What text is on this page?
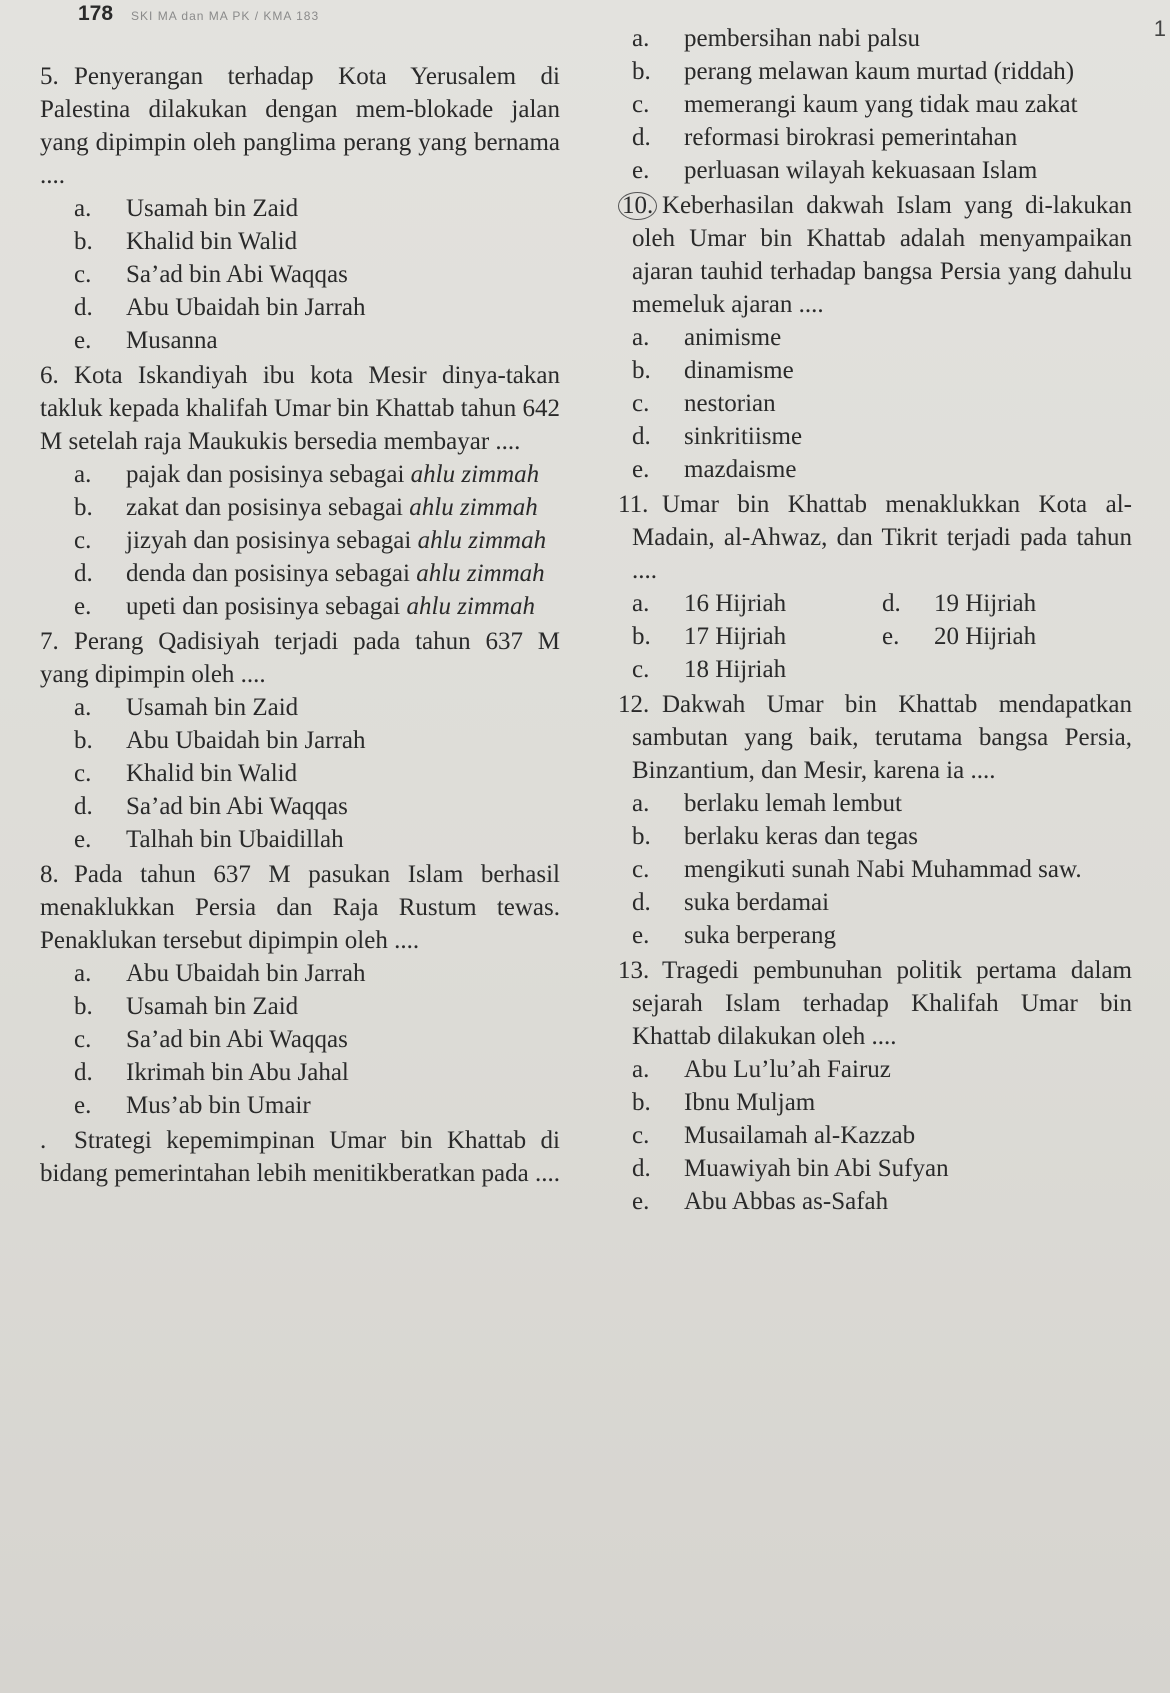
178 SKI MA dan MA PK / KMA 183	1
5. Penyerangan terhadap Kota Yerusalem di Palestina dilakukan dengan mem-blokade jalan yang dipimpin oleh panglima perang yang bernama ....
a. Usamah bin Zaid
b. Khalid bin Walid
c. Sa’ad bin Abi Waqqas
d. Abu Ubaidah bin Jarrah
e. Musanna
6. Kota Iskandiyah ibu kota Mesir dinya-takan takluk kepada khalifah Umar bin Khattab tahun 642 M setelah raja Maukukis bersedia membayar ....
a. pajak dan posisinya sebagai ahlu zimmah
b. zakat dan posisinya sebagai ahlu zimmah
c. jizyah dan posisinya sebagai ahlu zimmah
d. denda dan posisinya sebagai ahlu zimmah
e. upeti dan posisinya sebagai ahlu zimmah
7. Perang Qadisiyah terjadi pada tahun 637 M yang dipimpin oleh ....
a. Usamah bin Zaid
b. Abu Ubaidah bin Jarrah
c. Khalid bin Walid
d. Sa’ad bin Abi Waqqas
e. Talhah bin Ubaidillah
8. Pada tahun 637 M pasukan Islam berhasil menaklukkan Persia dan Raja Rustum tewas. Penaklukan tersebut dipimpin oleh ....
a. Abu Ubaidah bin Jarrah
b. Usamah bin Zaid
c. Sa’ad bin Abi Waqqas
d. Ikrimah bin Abu Jahal
e. Mus’ab bin Umair
. Strategi kepemimpinan Umar bin Khattab di bidang pemerintahan lebih menitikberatkan pada ....
a. pembersihan nabi palsu
b. perang melawan kaum murtad (riddah)
c. memerangi kaum yang tidak mau zakat
d. reformasi birokrasi pemerintahan
e. perluasan wilayah kekuasaan Islam
10. Keberhasilan dakwah Islam yang di-lakukan oleh Umar bin Khattab adalah menyampaikan ajaran tauhid terhadap bangsa Persia yang dahulu memeluk ajaran ....
a. animisme
b. dinamisme
c. nestorian
d. sinkritiisme
e. mazdaisme
11. Umar bin Khattab menaklukkan Kota al-Madain, al-Ahwaz, dan Tikrit terjadi pada tahun ....
a. 16 Hijriah	d. 19 Hijriah
b. 17 Hijriah	e. 20 Hijriah
c. 18 Hijriah
12. Dakwah Umar bin Khattab mendapatkan sambutan yang baik, terutama bangsa Persia, Binzantium, dan Mesir, karena ia ....
a. berlaku lemah lembut
b. berlaku keras dan tegas
c. mengikuti sunah Nabi Muhammad saw.
d. suka berdamai
e. suka berperang
13. Tragedi pembunuhan politik pertama dalam sejarah Islam terhadap Khalifah Umar bin Khattab dilakukan oleh ....
a. Abu Lu’lu’ah Fairuz
b. Ibnu Muljam
c. Musailamah al-Kazzab
d. Muawiyah bin Abi Sufyan
e. Abu Abbas as-Safah
